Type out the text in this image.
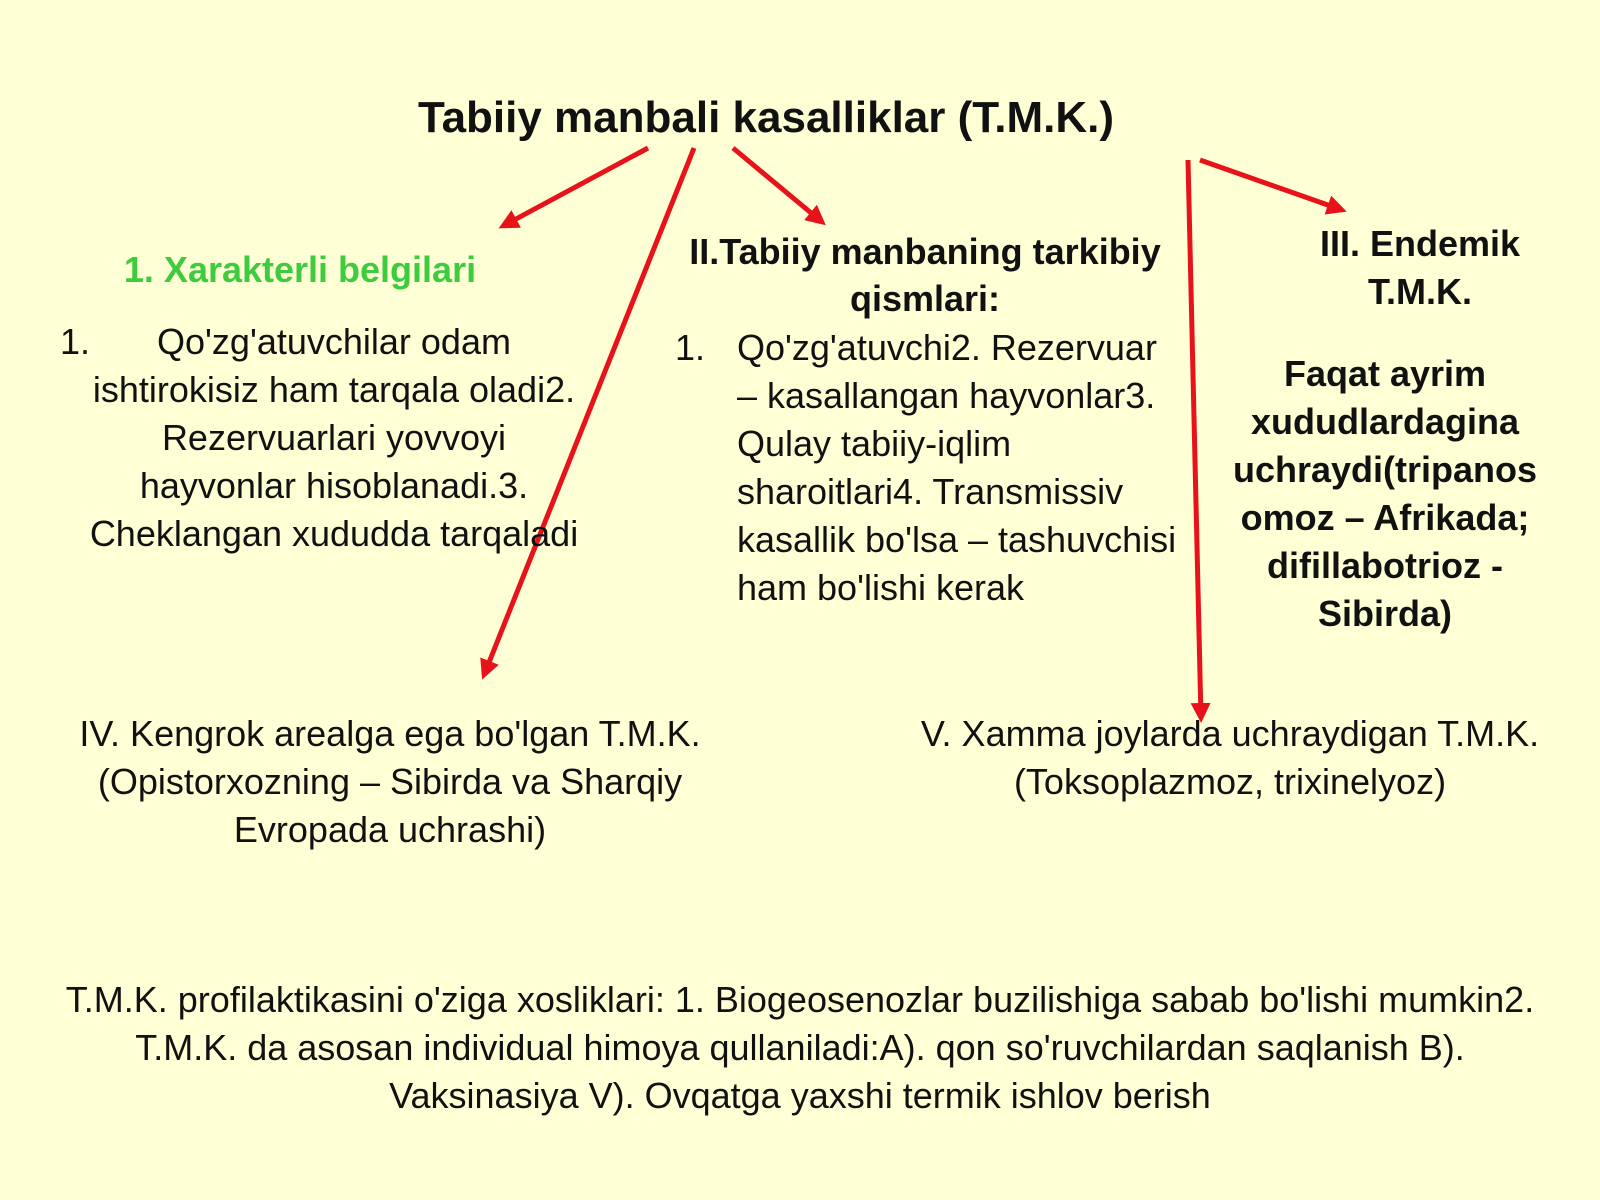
Tabiiy manbali kasalliklar (T.M.K.)
1. Xarakterli belgilari
1.	Qo'zg'atuvchilar odam ishtirokisiz ham tarqala oladi2. Rezervuarlari yovvoyi hayvonlar hisoblanadi.3. Cheklangan xududda tarqaladi
II.Tabiiy manbaning tarkibiy qismlari:
1. Qo'zg'atuvchi2. Rezervuar – kasallangan hayvonlar3. Qulay tabiiy-iqlim sharoitlari4. Transmissiv kasallik bo'lsa – tashuvchisi ham bo'lishi kerak
III. Endemik T.M.K.
Faqat ayrim xududlardagina uchraydi(tripanos omoz – Afrikada; difillabotrioz - Sibirda)
IV. Kengrok arealga ega bo'lgan T.M.K.(Opistorxozning – Sibirda va Sharqiy Evropada uchrashi)
V. Xamma joylarda uchraydigan T.M.K.(Toksoplazmoz, trixinelyoz)
T.M.K. profilaktikasini o'ziga xosliklari: 1. Biogeosenozlar buzilishiga sabab bo'lishi mumkin2. T.M.K. da asosan individual himoya qullaniladi:A). qon so'ruvchilardan saqlanish B). Vaksinasiya V). Ovqatga yaxshi termik ishlov berish
